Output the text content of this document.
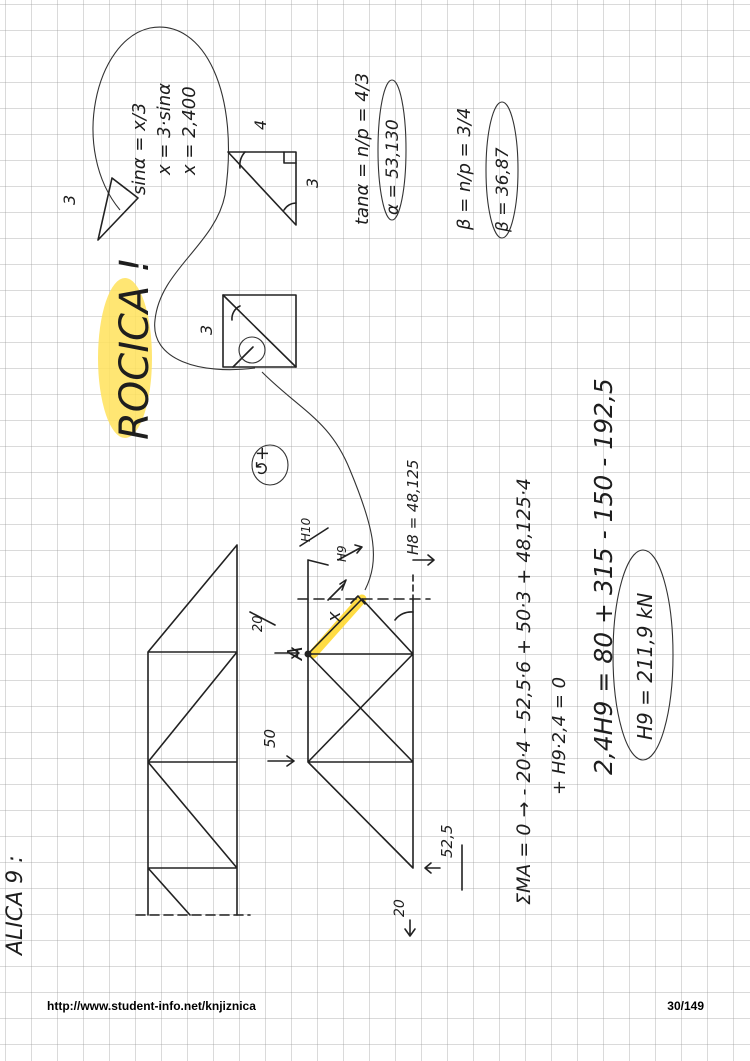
ALICA 9 :
ROCICA !
sinα = x/3 x = 3·sinα x = 2,400	tanα = n/p = 4/3 α = 53,130	β = n/p = 3/4 β = 36,87
H8 = 48,125
H9
H10	ΣMA = 0 → - 20·4 - 52,5·6 + 50·3 + 48,125·4 + H9·2,4 = 0 2,4H9 = 80 + 315 - 150 - 192,5 H9 = 211,9 kN
A
x
50
20
52,5
20
3
4
3
3
↺+
http://www.student-info.net/knjiznica	30/149
